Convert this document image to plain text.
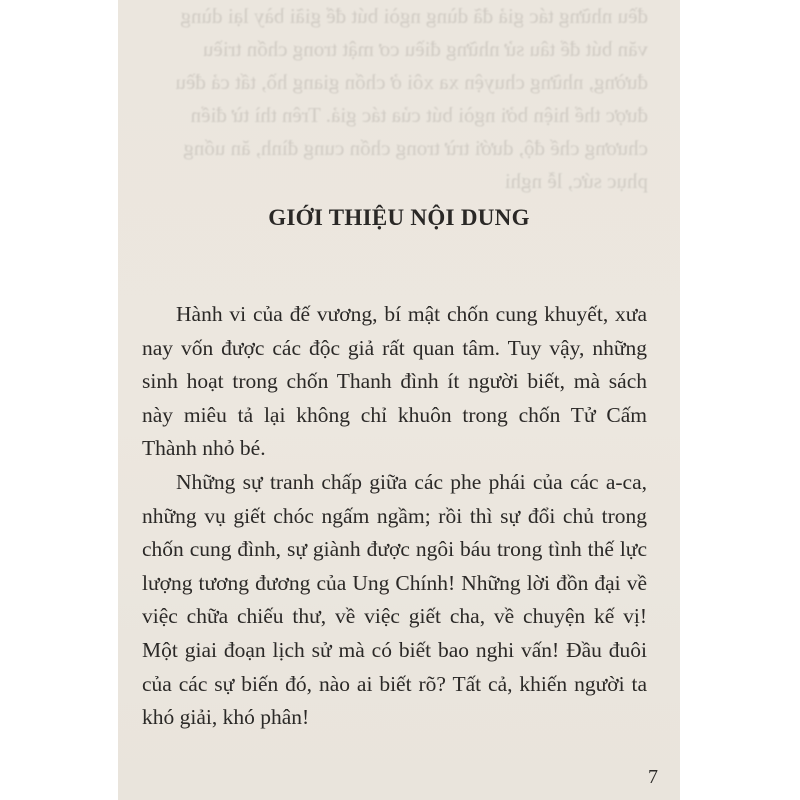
đều những tác giả đã dùng ngòi bút để giãi bày lại dùng văn bút để tâu sử những điều cơ mật trong chốn triều đường, những chuyện xa xôi ở chốn giang hồ, tất cả đều được thể hiện bởi ngòi bút của tác giả. Trên thì từ điển chương chế độ, dưới trừ trong chốn cung đình, ăn uống phục sức, lễ nghi
GIỚI THIỆU NỘI DUNG

Hành vi của đế vương, bí mật chốn cung khuyết, xưa nay vốn được các độc giả rất quan tâm. Tuy vậy, những sinh hoạt trong chốn Thanh đình ít người biết, mà sách này miêu tả lại không chỉ khuôn trong chốn Tử Cấm Thành nhỏ bé.

Những sự tranh chấp giữa các phe phái của các a-ca, những vụ giết chóc ngấm ngầm; rồi thì sự đổi chủ trong chốn cung đình, sự giành được ngôi báu trong tình thế lực lượng tương đương của Ung Chính! Những lời đồn đại về việc chữa chiếu thư, về việc giết cha, về chuyện kế vị! Một giai đoạn lịch sử mà có biết bao nghi vấn! Đầu đuôi của các sự biến đó, nào ai biết rõ? Tất cả, khiến người ta khó giải, khó phân!

7
